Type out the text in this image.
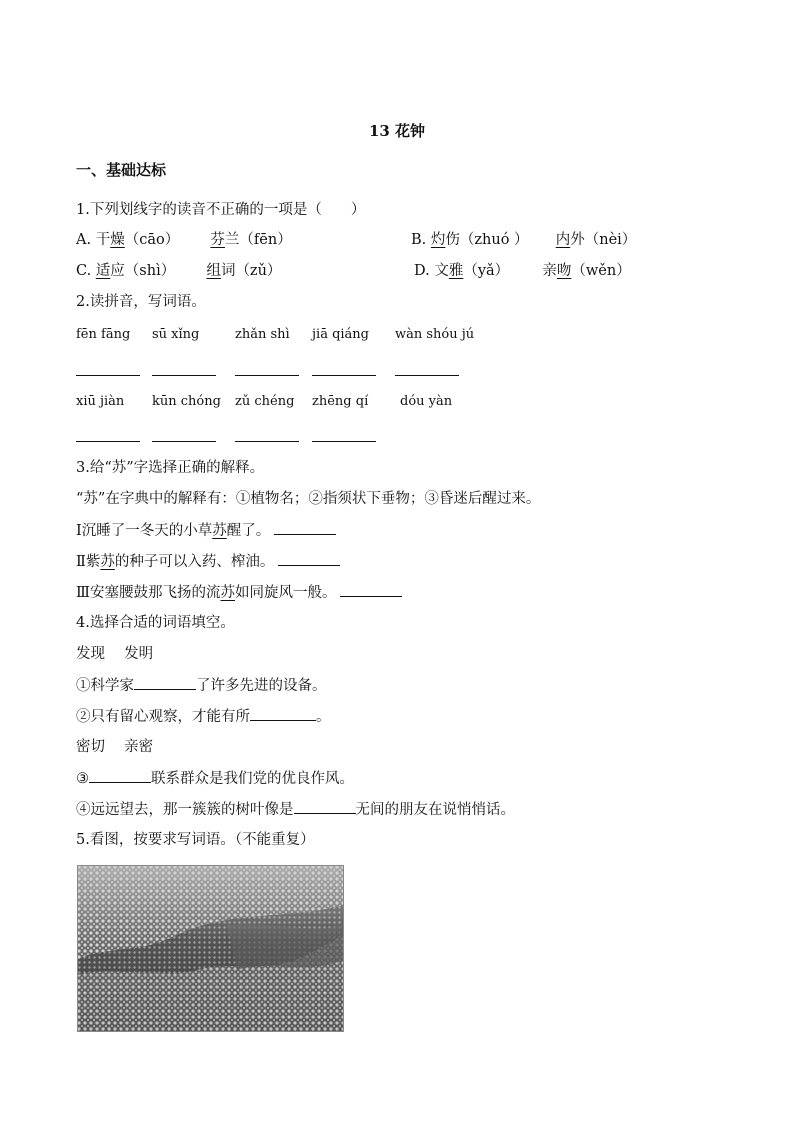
13 花钟
一、基础达标
1.下列划线字的读音不正确的一项是（　　）
A. 干燥（cāo） 芬兰（fēn）	B. 灼伤（zhuó ） 内外（nèi）
C. 适应（shì） 组词（zǔ）	D. 文雅（yǎ） 亲吻（wěn）
2.读拼音，写词语。
fēn fāng sū xǐng	zhǎn shì jiā qiáng wàn shóu jú
xiū jiàn kūn chóng zǔ chéng zhēng qí dóu yàn
3.给“苏”字选择正确的解释。
“苏”在字典中的解释有：①植物名；②指须状下垂物；③昏迷后醒过来。
Ⅰ沉睡了一冬天的小草苏醒了。
Ⅱ紫苏的种子可以入药、榨油。
Ⅲ安塞腰鼓那飞扬的流苏如同旋风一般。
4.选择合适的词语填空。
发现　 发明
①科学家	了许多先进的设备。
②只有留心观察，才能有所	。
密切　 亲密
③	联系群众是我们党的优良作风。
④远远望去，那一簇簇的树叶像是	无间的朋友在说悄悄话。
5.看图，按要求写词语。（不能重复）
